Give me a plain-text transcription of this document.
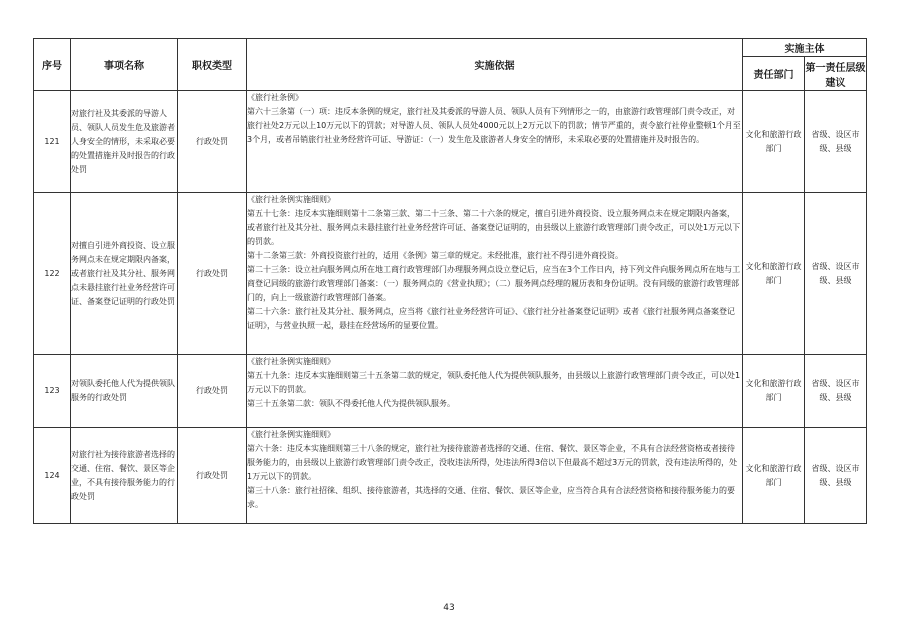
序号	事项名称	职权类型	实施依据	实施主体	
				责任部门	第一责任层级建议
121	对旅行社及其委派的导游人员、领队人员发生危及旅游者人身安全的情形，未采取必要的处置措施并及时报告的行政处罚	行政处罚	《旅行社条例》
第六十三条第（一）项：违反本条例的规定，旅行社及其委派的导游人员、领队人员有下列情形之一的，由旅游行政管理部门责令改正，对旅行社处2万元以上10万元以下的罚款；对导游人员、领队人员处4000元以上2万元以下的罚款；情节严重的，责令旅行社停业整顿1个月至3个月，或者吊销旅行社业务经营许可证、导游证：（一）发生危及旅游者人身安全的情形，未采取必要的处置措施并及时报告的。	文化和旅游行政部门	省级、设区市级、县级
122	对擅自引进外商投资、设立服务网点未在规定期限内备案，或者旅行社及其分社、服务网点未悬挂旅行社业务经营许可证、备案登记证明的行政处罚	行政处罚	《旅行社条例实施细则》
第五十七条：违反本实施细则第十二条第三款、第二十三条、第二十六条的规定，擅自引进外商投资、设立服务网点未在规定期限内备案，或者旅行社及其分社、服务网点未悬挂旅行社业务经营许可证、备案登记证明的，由县级以上旅游行政管理部门责令改正，可以处1万元以下的罚款。
第十二条第三款：外商投资旅行社的，适用《条例》第三章的规定。未经批准，旅行社不得引进外商投资。
第二十三条：设立社向服务网点所在地工商行政管理部门办理服务网点设立登记后，应当在3个工作日内，持下列文件向服务网点所在地与工商登记同级的旅游行政管理部门备案：（一）服务网点的《营业执照》；（二）服务网点经理的履历表和身份证明。没有同级的旅游行政管理部门的，向上一级旅游行政管理部门备案。
第二十六条：旅行社及其分社、服务网点，应当将《旅行社业务经营许可证》、《旅行社分社备案登记证明》或者《旅行社服务网点备案登记证明》，与营业执照一起，悬挂在经营场所的显要位置。	文化和旅游行政部门	省级、设区市级、县级
123	对领队委托他人代为提供领队服务的行政处罚	行政处罚	《旅行社条例实施细则》
第五十九条：违反本实施细则第三十五条第二款的规定，领队委托他人代为提供领队服务，由县级以上旅游行政管理部门责令改正，可以处1万元以下的罚款。
第三十五条第二款：领队不得委托他人代为提供领队服务。	文化和旅游行政部门	省级、设区市级、县级
124	对旅行社为接待旅游者选择的交通、住宿、餐饮、景区等企业，不具有接待服务能力的行政处罚	行政处罚	《旅行社条例实施细则》
第六十条：违反本实施细则第三十八条的规定，旅行社为接待旅游者选择的交通、住宿、餐饮、景区等企业，不具有合法经营资格或者接待服务能力的，由县级以上旅游行政管理部门责令改正，没收违法所得，处违法所得3倍以下但最高不超过3万元的罚款，没有违法所得的，处1万元以下的罚款。
第三十八条：旅行社招徕、组织、接待旅游者，其选择的交通、住宿、餐饮、景区等企业，应当符合具有合法经营资格和接待服务能力的要求。	文化和旅游行政部门	省级、设区市级、县级
43
